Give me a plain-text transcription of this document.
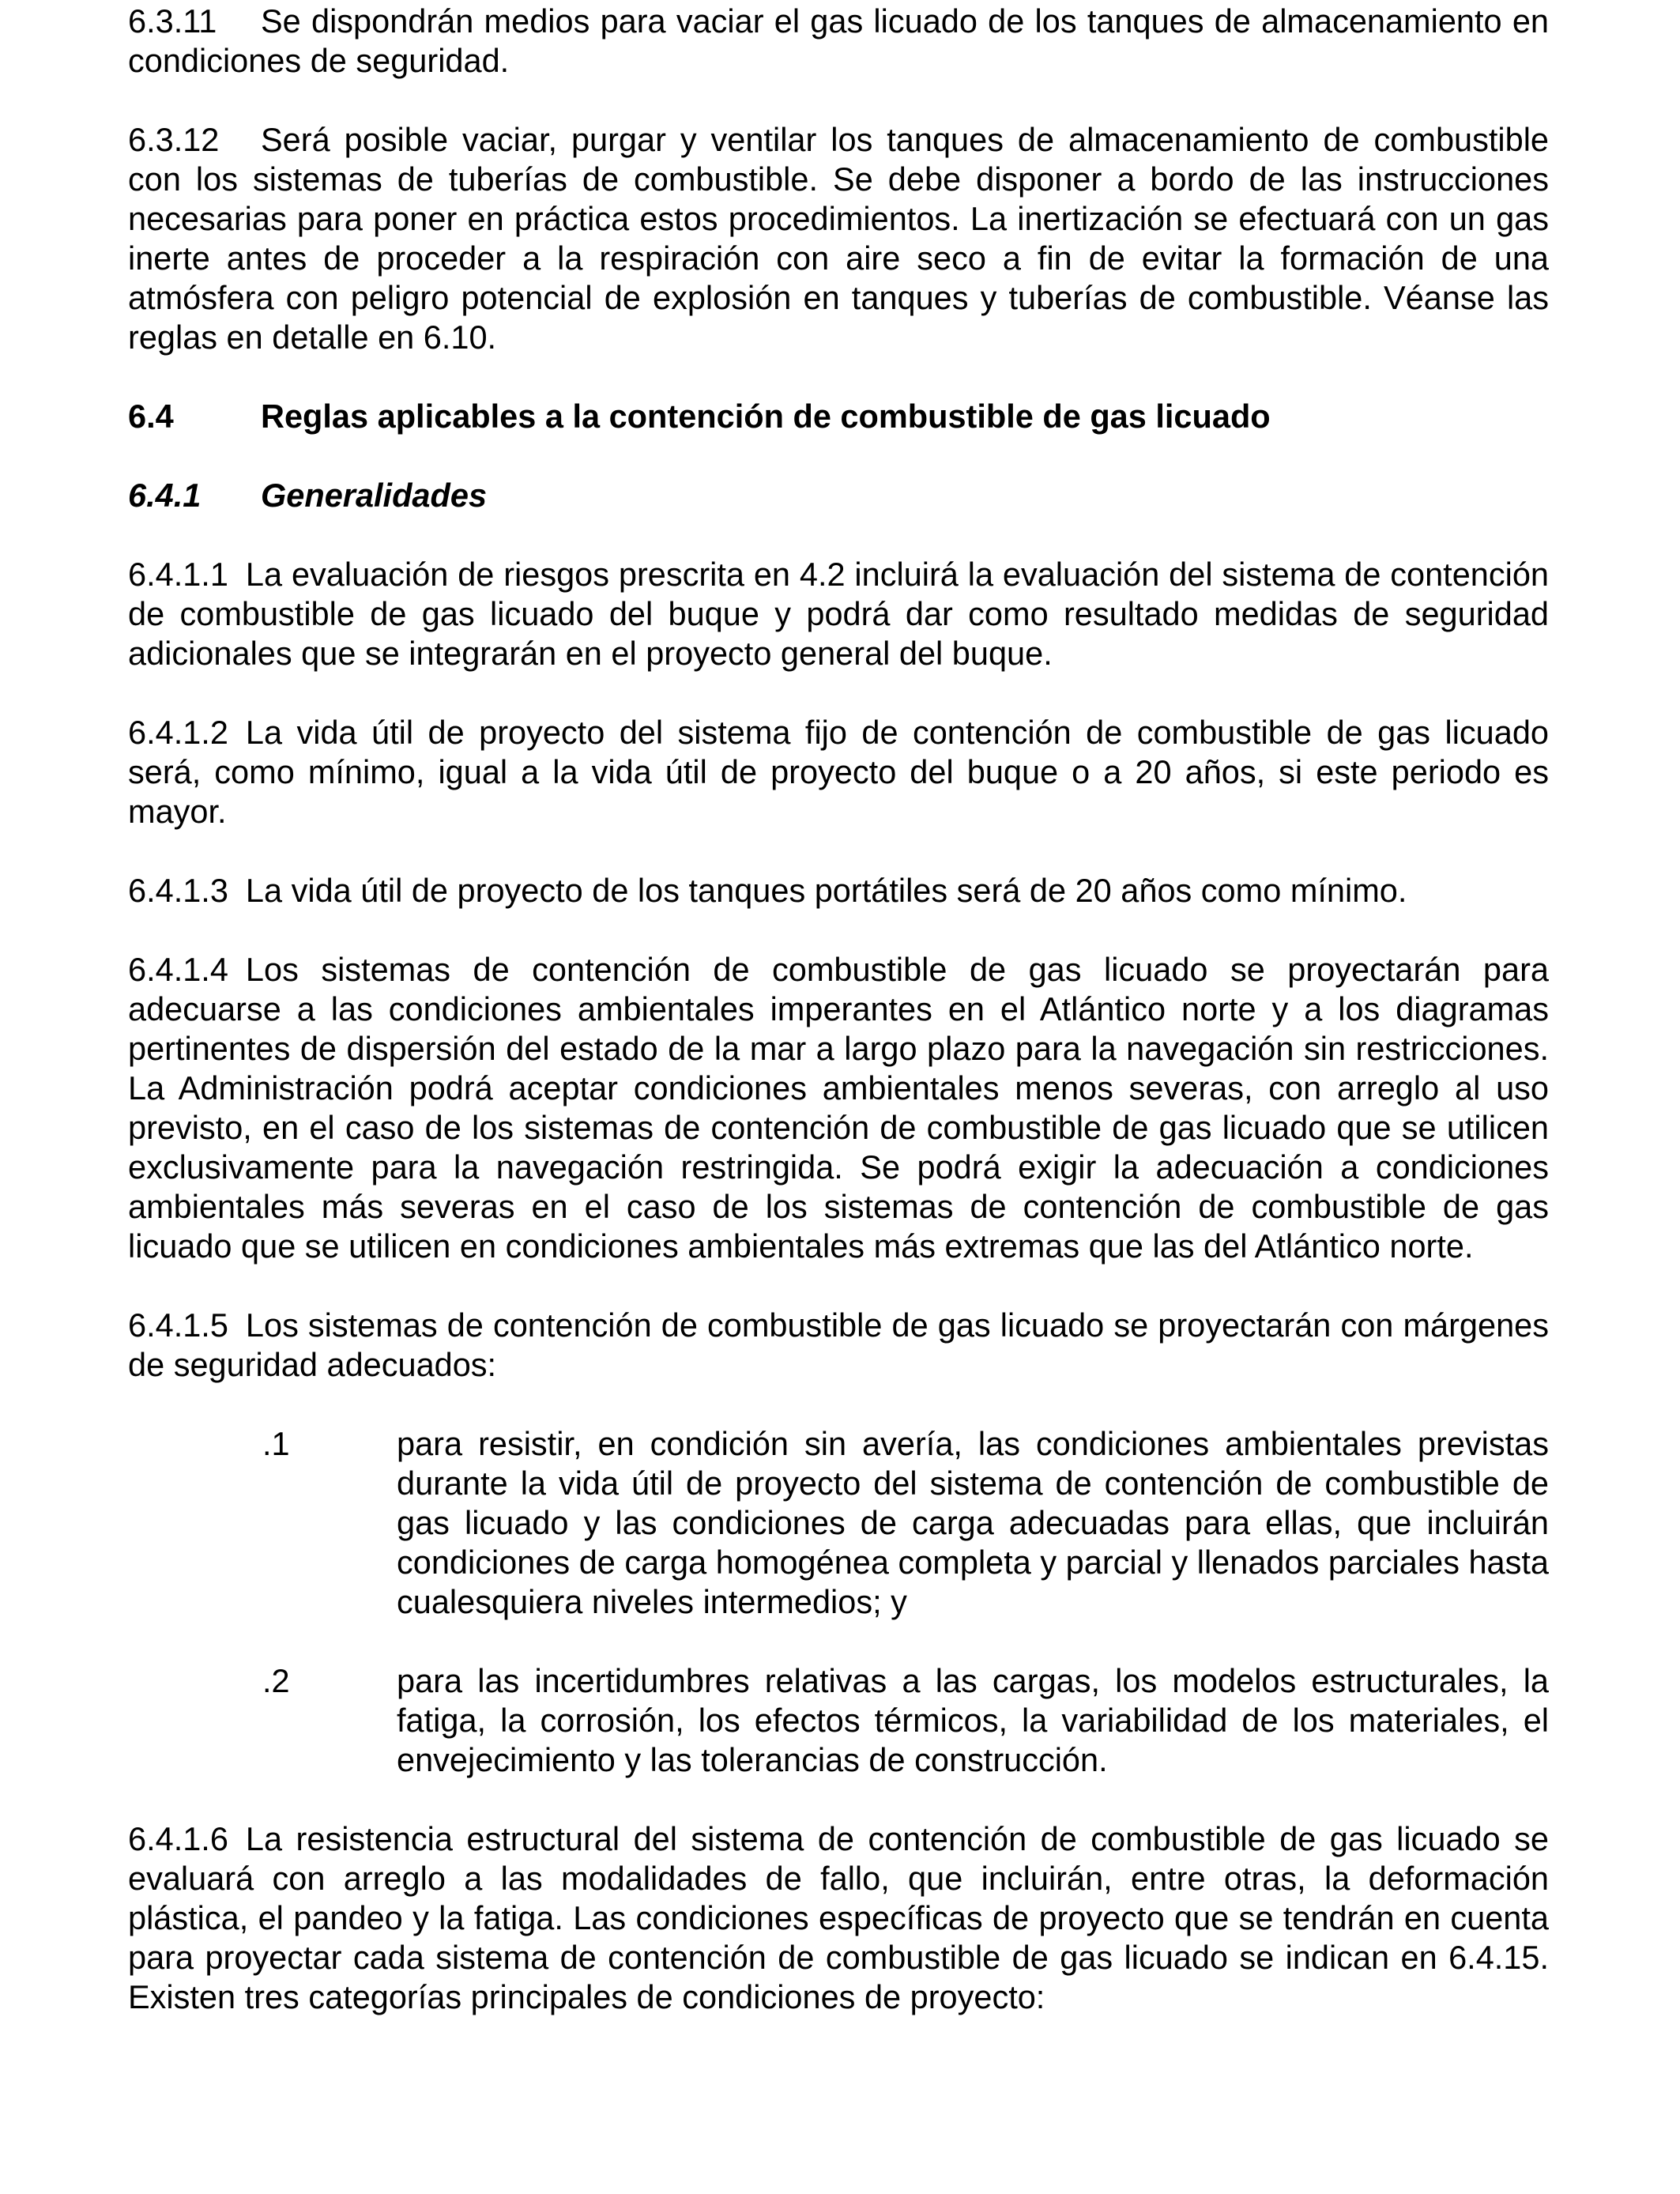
6.3.11 Se dispondrán medios para vaciar el gas licuado de los tanques de almacenamiento en condiciones de seguridad.

6.3.12 Será posible vaciar, purgar y ventilar los tanques de almacenamiento de combustible con los sistemas de tuberías de combustible. Se debe disponer a bordo de las instrucciones necesarias para poner en práctica estos procedimientos. La inertización se efectuará con un gas inerte antes de proceder a la respiración con aire seco a fin de evitar la formación de una atmósfera con peligro potencial de explosión en tanques y tuberías de combustible. Véanse las reglas en detalle en 6.10.

6.4	Reglas aplicables a la contención de combustible de gas licuado
6.4.1	Generalidades

6.4.1.1 La evaluación de riesgos prescrita en 4.2 incluirá la evaluación del sistema de contención de combustible de gas licuado del buque y podrá dar como resultado medidas de seguridad adicionales que se integrarán en el proyecto general del buque.

6.4.1.2 La vida útil de proyecto del sistema fijo de contención de combustible de gas licuado será, como mínimo, igual a la vida útil de proyecto del buque o a 20 años, si este periodo es mayor.

6.4.1.3 La vida útil de proyecto de los tanques portátiles será de 20 años como mínimo.

6.4.1.4 Los sistemas de contención de combustible de gas licuado se proyectarán para adecuarse a las condiciones ambientales imperantes en el Atlántico norte y a los diagramas pertinentes de dispersión del estado de la mar a largo plazo para la navegación sin restricciones. La Administración podrá aceptar condiciones ambientales menos severas, con arreglo al uso previsto, en el caso de los sistemas de contención de combustible de gas licuado que se utilicen exclusivamente para la navegación restringida. Se podrá exigir la adecuación a condiciones ambientales más severas en el caso de los sistemas de contención de combustible de gas licuado que se utilicen en condiciones ambientales más extremas que las del Atlántico norte.

6.4.1.5 Los sistemas de contención de combustible de gas licuado se proyectarán con márgenes de seguridad adecuados:

.1	para resistir, en condición sin avería, las condiciones ambientales previstas durante la vida útil de proyecto del sistema de contención de combustible de gas licuado y las condiciones de carga adecuadas para ellas, que incluirán condiciones de carga homogénea completa y parcial y llenados parciales hasta cualesquiera niveles intermedios; y
.2	para las incertidumbres relativas a las cargas, los modelos estructurales, la fatiga, la corrosión, los efectos térmicos, la variabilidad de los materiales, el envejecimiento y las tolerancias de construcción.

6.4.1.6 La resistencia estructural del sistema de contención de combustible de gas licuado se evaluará con arreglo a las modalidades de fallo, que incluirán, entre otras, la deformación plástica, el pandeo y la fatiga. Las condiciones específicas de proyecto que se tendrán en cuenta para proyectar cada sistema de contención de combustible de gas licuado se indican en 6.4.15. Existen tres categorías principales de condiciones de proyecto:
